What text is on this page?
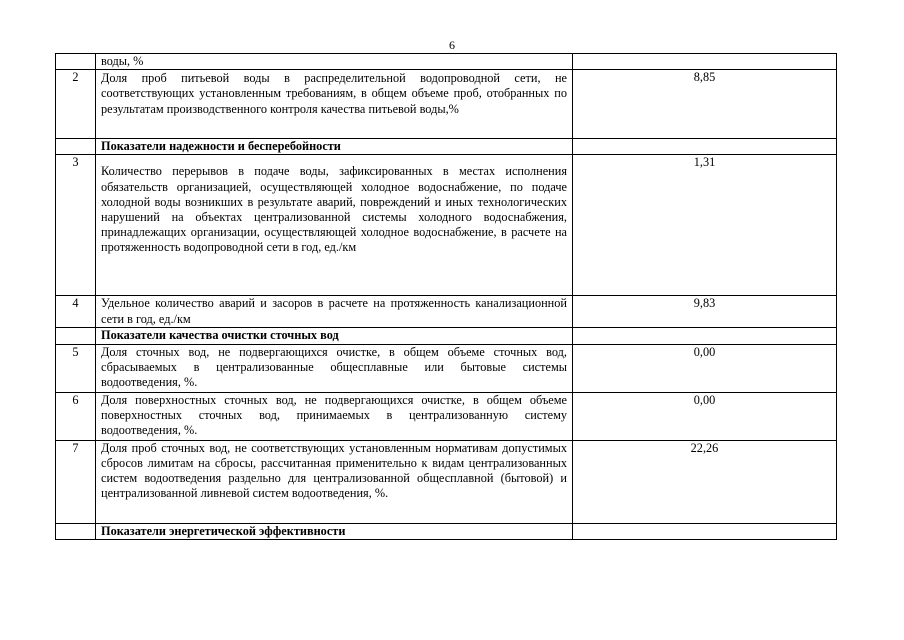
6
	воды, %	
2	Доля проб питьевой воды в распределительной водопроводной сети, не соответствующих установленным требованиям, в общем объеме проб, отобранных по результатам производственного контроля качества питьевой воды,%	8,85
	Показатели надежности и бесперебойности	
3	Количество перерывов в подаче воды, зафиксированных в местах исполнения обязательств организацией, осуществляющей холодное водоснабжение, по подаче холодной воды возникших в результате аварий, повреждений и иных технологических нарушений на объектах централизованной системы холодного водоснабжения, принадлежащих организации, осуществляющей холодное водоснабжение, в расчете на протяженность водопроводной сети в год, ед./км	1,31
4	Удельное количество аварий и засоров в расчете на протяженность канализационной сети в год, ед./км	9,83
	Показатели качества очистки сточных вод	
5	Доля сточных вод, не подвергающихся очистке, в общем объеме сточных вод, сбрасываемых в централизованные общесплавные или бытовые системы водоотведения, %.	0,00
6	Доля поверхностных сточных вод, не подвергающихся очистке, в общем объеме поверхностных сточных вод, принимаемых в централизованную систему водоотведения, %.	0,00
7	Доля проб сточных вод, не соответствующих установленным нормативам допустимых сбросов лимитам на сбросы, рассчитанная применительно к видам централизованных систем водоотведения раздельно для централизованной общесплавной (бытовой) и централизованной ливневой систем водоотведения, %.	22,26
	Показатели энергетической эффективности	
